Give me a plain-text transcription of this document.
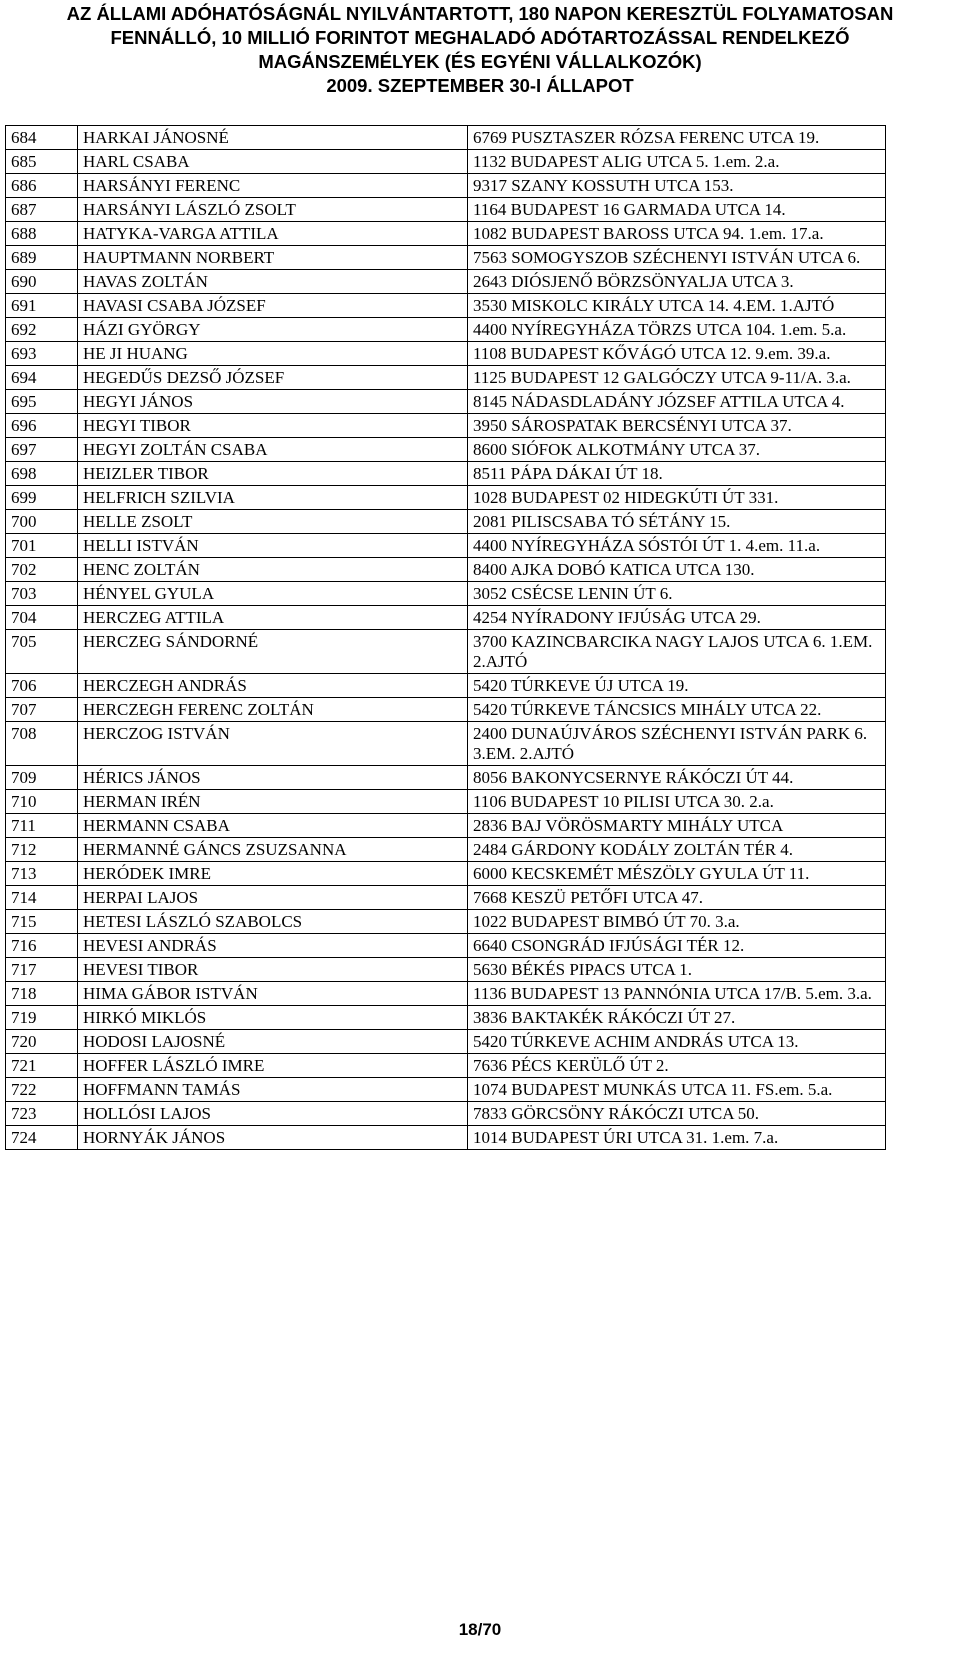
AZ ÁLLAMI ADÓHATÓSÁGNÁL NYILVÁNTARTOTT, 180 NAPON KERESZTÜL FOLYAMATOSAN
FENNÁLLÓ, 10 MILLIÓ FORINTOT MEGHALADÓ ADÓTARTOZÁSSAL RENDELKEZŐ
MAGÁNSZEMÉLYEK (ÉS EGYÉNI VÁLLALKOZÓK)
2009. SZEPTEMBER 30-I ÁLLAPOT
684	HARKAI JÁNOSNÉ	6769 PUSZTASZER RÓZSA FERENC UTCA 19.
685	HARL CSABA	1132 BUDAPEST ALIG UTCA 5. 1.em. 2.a.
686	HARSÁNYI FERENC	9317 SZANY KOSSUTH UTCA 153.
687	HARSÁNYI LÁSZLÓ ZSOLT	1164 BUDAPEST 16 GARMADA UTCA 14.
688	HATYKA-VARGA ATTILA	1082 BUDAPEST BAROSS UTCA 94. 1.em. 17.a.
689	HAUPTMANN NORBERT	7563 SOMOGYSZOB SZÉCHENYI ISTVÁN UTCA 6.
690	HAVAS ZOLTÁN	2643 DIÓSJENŐ BÖRZSÖNYALJA UTCA 3.
691	HAVASI CSABA JÓZSEF	3530 MISKOLC KIRÁLY UTCA 14. 4.EM. 1.AJTÓ
692	HÁZI GYÖRGY	4400 NYÍREGYHÁZA TÖRZS UTCA 104. 1.em. 5.a.
693	HE JI HUANG	1108 BUDAPEST KŐVÁGÓ UTCA 12. 9.em. 39.a.
694	HEGEDŰS DEZSŐ JÓZSEF	1125 BUDAPEST 12 GALGÓCZY UTCA 9-11/A. 3.a.
695	HEGYI JÁNOS	8145 NÁDASDLADÁNY JÓZSEF ATTILA UTCA 4.
696	HEGYI TIBOR	3950 SÁROSPATAK BERCSÉNYI UTCA 37.
697	HEGYI ZOLTÁN CSABA	8600 SIÓFOK ALKOTMÁNY UTCA 37.
698	HEIZLER TIBOR	8511 PÁPA DÁKAI ÚT 18.
699	HELFRICH SZILVIA	1028 BUDAPEST 02 HIDEGKÚTI ÚT 331.
700	HELLE ZSOLT	2081 PILISCSABA TÓ SÉTÁNY 15.
701	HELLI ISTVÁN	4400 NYÍREGYHÁZA SÓSTÓI ÚT 1. 4.em. 11.a.
702	HENC ZOLTÁN	8400 AJKA DOBÓ KATICA UTCA 130.
703	HÉNYEL GYULA	3052 CSÉCSE LENIN ÚT 6.
704	HERCZEG ATTILA	4254 NYÍRADONY IFJÚSÁG UTCA 29.
705	HERCZEG SÁNDORNÉ	3700 KAZINCBARCIKA NAGY LAJOS UTCA 6. 1.EM. 2.AJTÓ
706	HERCZEGH ANDRÁS	5420 TÚRKEVE ÚJ UTCA 19.
707	HERCZEGH FERENC ZOLTÁN	5420 TÚRKEVE TÁNCSICS MIHÁLY UTCA 22.
708	HERCZOG ISTVÁN	2400 DUNAÚJVÁROS SZÉCHENYI ISTVÁN PARK 6. 3.EM. 2.AJTÓ
709	HÉRICS JÁNOS	8056 BAKONYCSERNYE RÁKÓCZI ÚT 44.
710	HERMAN IRÉN	1106 BUDAPEST 10 PILISI UTCA 30. 2.a.
711	HERMANN CSABA	2836 BAJ VÖRÖSMARTY MIHÁLY UTCA
712	HERMANNÉ GÁNCS ZSUZSANNA	2484 GÁRDONY KODÁLY ZOLTÁN TÉR 4.
713	HERÓDEK IMRE	6000 KECSKEMÉT MÉSZÖLY GYULA ÚT 11.
714	HERPAI LAJOS	7668 KESZÜ PETŐFI UTCA 47.
715	HETESI LÁSZLÓ SZABOLCS	1022 BUDAPEST BIMBÓ ÚT 70. 3.a.
716	HEVESI ANDRÁS	6640 CSONGRÁD IFJÚSÁGI TÉR 12.
717	HEVESI TIBOR	5630 BÉKÉS PIPACS UTCA 1.
718	HIMA GÁBOR ISTVÁN	1136 BUDAPEST 13 PANNÓNIA UTCA 17/B. 5.em. 3.a.
719	HIRKÓ MIKLÓS	3836 BAKTAKÉK RÁKÓCZI ÚT 27.
720	HODOSI LAJOSNÉ	5420 TÚRKEVE ACHIM ANDRÁS UTCA 13.
721	HOFFER LÁSZLÓ IMRE	7636 PÉCS KERÜLŐ ÚT 2.
722	HOFFMANN TAMÁS	1074 BUDAPEST MUNKÁS UTCA 11. FS.em. 5.a.
723	HOLLÓSI LAJOS	7833 GÖRCSÖNY RÁKÓCZI UTCA 50.
724	HORNYÁK JÁNOS	1014 BUDAPEST ÚRI UTCA 31. 1.em. 7.a.
18/70
